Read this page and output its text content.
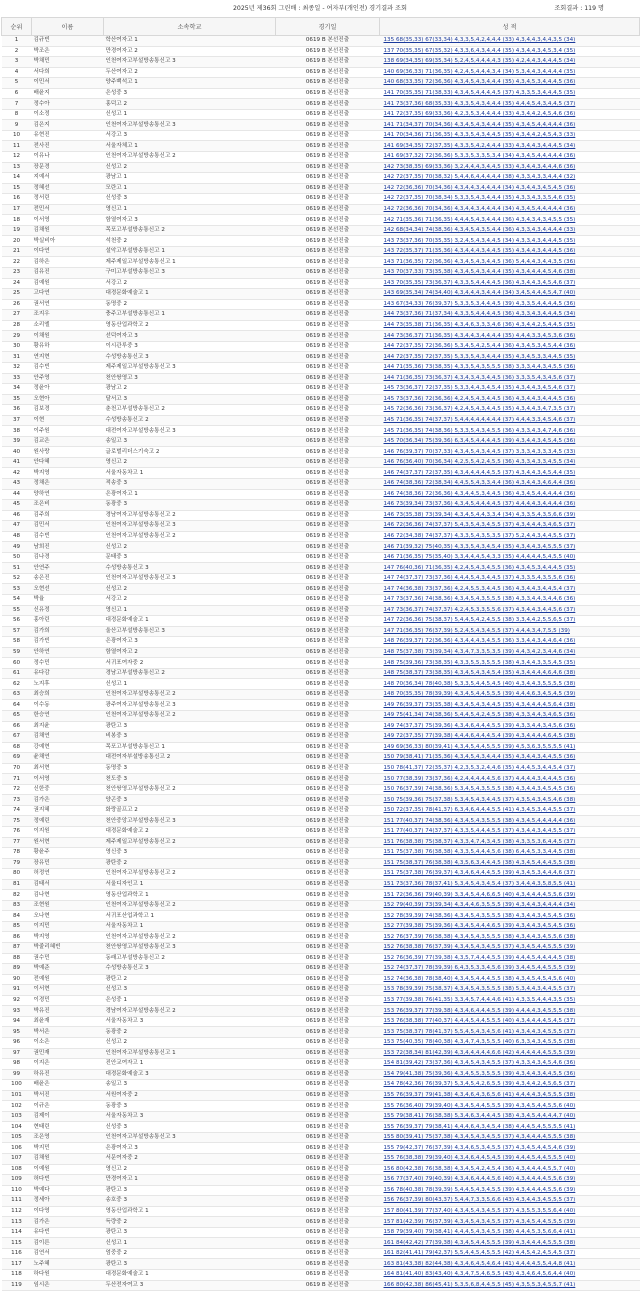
2025년 제36회 그린배 : 최종일 - 여자부(개인전) 경기결과 조회	조회결과 : 119 명
순위	이름	소속학교	경기일	성 적
1	김규빈	학산여자고 1	0619 B 본선진출	135 68(35,33) 67(33,34) 4,3,3,5,4,2,4,4,4 (33) 4,3,4,4,3,4,4,3,5 (34)
2	박조은	만경여자고 2	0619 B 본선진출	137 70(35,35) 67(35,32) 4,3,3,6,4,3,4,4,4 (35) 4,3,4,4,3,4,5,3,4 (35)
3	박채민	인천여자고부설방송통신고 3	0619 B 본선진출	138 69(34,35) 69(35,34) 5,2,4,5,4,4,4,4,3 (35) 4,2,4,4,3,4,4,4,5 (34)
4	서다희	두산여자고 2	0619 B 본선진출	140 69(36,33) 71(36,35) 4,2,4,5,4,4,4,3,4 (34) 5,3,4,4,3,4,4,4,4 (35)
5	이민서	양주백석고 1	0619 B 본선진출	140 68(33,35) 72(36,36) 4,3,4,5,4,3,4,4,4 (35) 4,3,4,5,3,4,4,4,5 (36)
6	배윤지	은성중 3	0619 B 본선진출	141 70(35,35) 71(38,33) 4,3,4,5,4,4,4,4,5 (37) 4,3,3,5,3,4,4,4,5 (35)
7	정수아	홍덕고 2	0619 B 본선진출	141 73(37,36) 68(35,33) 4,3,3,5,4,3,4,4,4 (35) 4,4,4,5,4,3,4,4,5 (37)
8	이소정	신성고 1	0619 B 본선진출	141 72(37,35) 69(33,36) 4,2,3,5,3,4,4,4,4 (33) 4,3,4,4,2,4,5,4,6 (36)
9	김은지	인천여자고부설방송통신고 3	0619 B 본선진출	141 71(34,37) 70(34,36) 4,3,4,5,4,3,4,4,4 (35) 4,3,4,5,4,4,4,4,4 (36)
10	유현진	서강고 3	0619 B 본선진출	141 70(34,36) 71(36,35) 4,3,3,5,4,3,4,4,5 (35) 4,3,4,4,2,4,5,4,3 (33)
11	전사진	서울자체고 1	0619 B 본선진출	141 69(34,35) 72(37,35) 4,3,3,5,4,2,4,4,4 (33) 4,3,4,4,3,4,4,4,5 (34)
12	이유나	인천여자고부설방송통신고 2	0619 B 본선진출	141 69(37,32) 72(36,36) 5,3,3,5,3,3,5,3,4 (34) 4,3,4,5,4,4,4,4,4 (36)
13	장문경	신성고 2	0619 B 본선진출	142 73(38,35) 69(33,36) 3,2,4,4,4,3,4,4,5 (33) 4,3,4,4,3,4,4,4,6 (36)
14	지예서	광남고 1	0619 B 본선진출	142 72(37,35) 70(38,32) 5,4,4,6,4,4,4,4,4 (38) 4,3,3,4,3,3,4,4,4 (32)
15	정혜선	모란고 1	0619 B 본선진출	142 72(36,36) 70(34,36) 4,3,4,4,3,4,4,4,4 (34) 4,3,4,4,3,4,5,4,5 (36)
16	정서린	신성중 3	0619 B 본선진출	142 72(37,35) 70(38,34) 5,3,3,5,4,3,4,4,4 (35) 4,3,3,4,3,3,5,4,6 (35)
17	전민서	영신고 1	0619 B 본선진출	142 72(36,36) 70(34,36) 4,3,4,4,3,4,4,4,4 (34) 4,3,4,5,4,4,4,4,4 (36)
18	이서영	함열여자고 3	0619 B 본선진출	142 71(35,36) 71(36,35) 4,4,4,5,4,3,4,4,4 (36) 4,3,4,3,4,3,4,5,5 (35)
19	김채원	목포고부설방송통신고 2	0619 B 본선진출	142 68(34,34) 74(38,36) 4,3,4,5,4,3,5,4,4 (36) 4,3,3,4,3,4,4,4,4 (33)
20	박실비아	석천중 2	0619 B 본선진출	143 73(37,36) 70(35,35) 3,2,4,5,4,3,4,4,5 (34) 4,3,3,4,3,4,4,4,5 (35)
21	이다연	설악고부설방송통신고 1	0619 B 본선진출	143 72(35,37) 71(35,36) 4,3,4,4,4,3,4,4,5 (35) 4,3,4,4,3,4,4,4,5 (36)
22	김하은	제주제일고부설방송통신고 1	0619 B 본선진출	143 71(36,35) 72(36,36) 4,3,4,5,4,3,4,4,5 (36) 5,4,4,4,3,4,4,3,5 (36)
23	김유진	구미고부설방송통신고 3	0619 B 본선진출	143 70(37,33) 73(35,38) 4,3,4,5,4,3,4,4,4 (35) 4,3,4,4,4,4,5,4,6 (38)
24	김예원	서강고 2	0619 B 본선진출	143 70(35,35) 73(36,37) 4,3,3,5,4,4,4,4,5 (36) 4,3,4,4,3,4,5,4,6 (37)
25	고다연	대경문화예술고 1	0619 B 본선진출	143 69(35,34) 74(34,40) 4,3,4,4,4,3,4,4,4 (34) 3,4,5,4,4,4,5,4,7 (40)
26	권서연	동명중 2	0619 B 본선진출	143 67(34,33) 76(39,37) 5,3,3,5,3,4,4,4,5 (39) 4,3,3,5,4,4,4,4,5 (36)
27	조지우	충주고부설방송통신고 1	0619 B 본선진출	144 73(37,36) 71(37,34) 4,3,3,5,4,4,4,4,5 (36) 4,3,3,4,3,4,4,4,5 (34)
28	소리엘	영동산업과학고 2	0619 B 본선진출	144 73(35,38) 71(36,35) 4,3,4,6,3,3,3,4,6 (36) 4,3,4,4,2,5,4,4,5 (35)
29	이채원	선덕여자고 3	0619 B 본선진출	144 73(36,37) 71(36,35) 4,3,4,4,3,4,4,4,4 (35) 4,4,4,3,3,4,5,3,6 (36)
30	황유하	이시관루중 3	0619 B 본선진출	144 72(37,35) 72(36,36) 5,3,4,5,4,2,5,4,4 (36) 4,3,4,5,3,4,5,4,4 (36)
31	연지현	수성방송통신고 3	0619 B 본선진출	144 72(37,35) 72(37,35) 5,3,3,5,4,3,4,4,4 (35) 4,3,4,5,3,3,4,4,5 (35)
32	김수빈	제주제일고부설방송통신고 3	0619 B 본선진출	144 71(35,36) 73(38,35) 4,3,3,5,4,3,5,5,5 (38) 3,3,3,4,4,3,4,5,5 (36)
33	안주영	천안쌍영고 3	0619 B 본선진출	144 71(36,35) 73(36,37) 4,3,4,3,4,3,4,4,5 (36) 3,3,3,5,4,3,4,5,6 (37)
34	정윤아	광남고 2	0619 B 본선진출	145 73(36,37) 72(37,35) 5,3,3,4,4,3,4,5,4 (35) 4,3,4,4,3,4,5,4,6 (37)
35	오현아	달서고 3	0619 B 본선진출	145 73(37,36) 72(36,36) 4,2,4,5,4,3,4,4,5 (36) 4,3,4,4,3,4,4,4,5 (36)
36	김보경	춘천고부설방송통신고 2	0619 B 본선진출	145 72(36,36) 73(36,37) 4,2,4,5,4,3,4,4,5 (35) 4,3,4,4,3,4,7,3,5 (37)
37	이현	수성방송통신고 2	0619 B 본선진출	145 71(36,35) 74(37,37) 5,4,4,4,4,4,4,4,4 (37) 4,4,4,3,3,4,5,4,6 (37)
38	이주원	대전여자고부설방송통신고 3	0619 B 본선진출	145 71(36,35) 74(38,36) 5,3,3,5,4,3,4,5,5 (36) 4,3,3,4,3,4,7,4,6 (36)
39	김교은	송일고 3	0619 B 본선진출	145 70(36,34) 75(39,36) 6,3,4,5,4,4,4,4,5 (39) 4,3,4,4,3,4,5,4,5 (36)
40	원사랑	글로벌리더스기숙고 2	0619 B 본선진출	146 76(39,37) 70(37,33) 4,3,4,5,4,3,4,4,5 (37) 3,3,3,4,3,3,3,4,5 (33)
41	안다혜	영신고 2	0619 B 본선진출	146 76(36,40) 70(36,34) 4,2,5,5,4,2,4,5,5 (36) 4,3,3,4,3,3,4,5,5 (34)
42	박지영	서울자동차고 1	0619 B 본선진출	146 74(37,37) 72(37,35) 4,3,4,4,4,4,4,5,5 (37) 4,3,4,4,3,4,5,4,4 (35)
43	정채은	적송중 3	0619 B 본선진출	146 74(38,36) 72(38,34) 4,4,5,5,4,3,3,4,4 (36) 4,3,4,4,3,4,6,4,4 (36)
44	양하연	은광여자고 1	0619 B 본선진출	146 74(38,36) 72(36,36) 4,3,4,4,5,3,4,4,5 (36) 4,3,4,5,4,4,4,4,4 (36)
45	조은비	동광중 3	0619 B 본선진출	146 73(39,34) 73(37,36) 4,3,4,5,4,4,4,4,5 (37) 4,4,4,4,3,4,4,4,4 (36)
46	김주희	경남여자고부설방송통신고 2	0619 B 본선진출	146 73(35,38) 73(39,34) 4,3,4,5,4,4,3,3,4 (34) 4,3,3,5,4,3,5,6,6 (39)
47	김민서	인천여자고부설방송통신고 3	0619 B 본선진출	146 72(36,36) 74(37,37) 5,4,3,5,4,3,4,5,5 (37) 4,3,4,4,4,3,4,6,5 (37)
48	김수빈	인천여자고부설방송통신고 2	0619 B 본선진출	146 72(34,38) 74(37,37) 4,3,3,5,4,3,5,3,5 (37) 5,2,4,4,3,4,4,5,5 (37)
49	남희진	신성고 2	0619 B 본선진출	146 71(39,32) 75(40,35) 4,3,3,5,4,3,4,5,4 (35) 4,3,4,4,3,4,5,5,5 (37)
50	김나경	문태중 3	0619 B 본선진출	146 71(36,35) 75(35,40) 3,3,4,4,4,5,4,3,3 (35) 4,4,4,4,4,5,4,5,5 (40)
51	안연주	수성방송통신고 3	0619 B 본선진출	147 76(40,36) 71(36,35) 4,2,4,5,4,3,4,5,5 (36) 4,3,4,5,3,4,4,4,5 (35)
52	송은진	인천여자고부설방송통신고 3	0619 B 본선진출	147 74(37,37) 73(37,36) 4,4,4,5,4,3,4,4,5 (37) 4,3,3,5,4,3,5,5,6 (36)
53	오현선	신성고 2	0619 B 본선진출	147 74(36,38) 73(37,36) 4,2,4,5,5,3,4,4,5 (36) 4,3,4,4,3,4,4,5,4 (37)
54	박율	서강고 2	0619 B 본선진출	147 73(37,36) 74(38,36) 4,3,4,5,4,3,5,5,5 (38) 4,3,3,4,4,3,4,4,6 (36)
55	신유정	영신고 1	0619 B 본선진출	147 73(36,37) 74(37,37) 4,2,4,5,3,3,5,5,6 (37) 4,3,4,4,3,4,4,5,6 (37)
56	홍아린	대경문화예술고 1	0619 B 본선진출	147 72(36,36) 75(38,37) 5,4,4,5,4,2,4,5,5 (38) 3,3,4,4,2,5,5,6,5 (37)
57	김가희	울산고부설방송통신고 3	0619 B 본선진출	147 71(36,35) 76(37,39) 5,2,4,5,4,3,4,5,5 (37) 4,4,4,3,4,7,5,5 (39)
58	김가빈	은광여자고 3	0619 B 본선진출	148 76(39,37) 72(36,36) 4,3,4,4,4,3,4,5,5 (36) 3,3,4,4,3,4,4,6,4 (36)
59	안하연	함열여자고 2	0619 B 본선진출	148 75(37,38) 73(39,34) 4,3,4,7,3,3,5,3,5 (39) 4,4,3,4,2,3,4,4,6 (34)
60	정수민	서귀포여자중 2	0619 B 본선진출	148 75(39,36) 73(38,35) 4,3,3,5,5,3,5,5,5 (38) 4,3,4,4,3,3,5,4,5 (35)
61	유다감	경남고부설방송통신고 2	0619 B 본선진출	148 75(38,37) 73(38,35) 4,3,4,5,4,3,4,5,4 (35) 4,3,4,4,4,4,6,4,6 (38)
62	노지후	신성고 1	0619 B 본선진출	148 70(36,34) 78(40,38) 5,3,3,5,4,4,5,4,5 (40) 4,3,4,4,3,5,5,5,5 (38)
63	최승희	인천여자고부설방송통신고 2	0619 B 본선진출	148 70(35,35) 78(39,39) 4,3,4,5,4,4,5,5,5 (39) 4,4,4,6,3,4,5,4,5 (39)
64	이수동	광주여자고부설방송통신고 3	0619 B 본선진출	149 76(39,37) 73(35,38) 4,3,4,5,4,3,4,4,5 (35) 4,3,4,4,4,4,5,6,4 (38)
65	한승연	인천여자고부설방송통신고 2	0619 B 본선진출	149 75(41,34) 74(38,36) 5,4,4,5,4,2,4,5,5 (38) 4,3,3,4,4,3,4,6,5 (36)
66	최지윤	광탄고 3	0619 B 본선진출	149 74(37,37) 75(39,36) 4,3,4,6,4,4,4,5,5 (39) 4,3,3,4,4,3,4,5,6 (36)
67	김채연	비봉중 3	0619 B 본선진출	149 72(37,35) 77(39,38) 4,4,4,6,4,4,4,5,4 (39) 4,3,4,4,4,4,6,4,5 (38)
68	강예현	목포고부설방송통신고 1	0619 B 본선진출	149 69(36,33) 80(39,41) 4,3,4,5,4,4,5,5,5 (39) 4,5,3,6,3,5,5,5,5 (41)
69	윤채연	대전여자부설방송통신고 2	0619 B 본선진출	150 79(38,41) 71(35,36) 4,3,4,5,4,3,4,4,4 (35) 4,3,4,4,3,4,4,5,5 (36)
70	최서현	동명중 3	0619 B 본선진출	150 78(41,37) 72(35,37) 4,2,3,5,3,2,4,4,6 (35) 4,4,4,5,3,4,4,5,4 (37)
71	이서영	천도중 3	0619 B 본선진출	150 77(38,39) 73(37,36) 4,2,4,4,4,4,4,5,6 (37) 4,4,4,4,3,4,4,4,5 (36)
72	신한중	천안쌍영고부설방송통신고 2	0619 B 본선진출	150 76(37,39) 74(38,36) 5,3,4,5,4,3,5,5,5 (38) 4,3,4,4,3,4,5,4,5 (36)
73	김가은	양곤중 3	0619 B 본선진출	150 75(39,36) 75(37,38) 5,3,4,5,4,3,4,4,5 (37) 4,3,5,4,3,4,5,4,6 (38)
74	권지혜	화랑골프고 2	0619 B 본선진출	150 72(37,35) 78(41,37) 6,3,4,6,4,4,4,5,5 (41) 4,3,4,5,3,4,4,5,5 (37)
75	정예린	천안중앙고부설방송통신고 3	0619 B 본선진출	151 77(40,37) 74(38,36) 4,3,4,5,4,3,5,5,5 (38) 4,3,4,5,4,4,4,4,4 (36)
76	이지원	대경문화예술고 2	0619 B 본선진출	151 77(40,37) 74(37,37) 4,3,3,5,4,4,4,5,5 (37) 4,3,4,4,3,4,4,5,5 (37)
77	원서현	제주제일고부설방송통신고 2	0619 B 본선진출	151 76(38,38) 75(38,37) 4,3,3,4,7,4,3,4,5 (38) 4,3,3,5,3,6,4,4,5 (37)
78	황윤주	영신중 3	0619 B 본선진출	151 75(37,38) 76(38,38) 4,3,3,5,4,4,4,5,6 (38) 6,4,4,5,3,3,4,4,5 (38)
79	장유민	광탄중 2	0619 B 본선진출	151 75(38,37) 76(38,38) 4,3,5,6,3,4,4,4,5 (38) 4,3,4,5,4,4,4,5,5 (38)
80	허정연	인천여자고부설방송통신고 2	0619 B 본선진출	151 75(37,38) 76(39,37) 4,3,4,6,4,4,4,5,5 (39) 4,3,4,5,3,4,4,4,6 (37)
81	김태서	서울디자인고 1	0619 B 본선진출	151 73(37,36) 78(37,41) 5,3,4,5,4,3,4,5,4 (37) 3,4,4,4,3,5,8,5,5 (41)
82	김나현	영동산업과학고 1	0619 B 본선진출	151 72(36,36) 79(40,39) 3,3,4,5,4,4,6,6,5 (40) 4,3,4,4,4,4,5,5,6 (39)
83	조현원	인천여자고부설방송통신고 2	0619 B 본선진출	152 79(40,39) 73(39,34) 4,3,4,4,6,3,5,5,5 (39) 4,3,4,4,3,4,4,4,4 (34)
84	오나현	서귀포산업과학고 1	0619 B 본선진출	152 78(39,39) 74(38,36) 4,3,4,5,4,3,5,5,5 (38) 4,3,4,4,3,4,5,4,5 (36)
85	이지민	서울자동차고 1	0619 B 본선진출	152 77(39,38) 75(39,36) 4,3,4,5,4,4,4,6,5 (39) 4,3,4,4,3,4,5,4,5 (36)
86	박지영	인천여자고부설방송통신고 2	0619 B 본선진출	152 76(37,39) 76(38,38) 4,3,4,5,4,3,5,5,5 (38) 4,3,4,4,3,4,5,5,6 (38)
87	박줄리혜빈	천안쌍영고부설방송통신고 3	0619 B 본선진출	152 76(38,38) 76(37,39) 4,3,4,5,4,3,4,5,5 (37) 4,3,4,5,4,4,5,5,5 (39)
88	권수민	동래고부설방송통신고 2	0619 B 본선진출	152 76(36,39) 77(39,38) 4,3,5,7,4,4,4,5,5 (39) 4,4,4,5,4,4,4,4,5 (38)
89	박예준	수성방송통신고 3	0619 B 본선진출	152 74(37,37) 78(39,39) 6,4,3,5,3,3,4,5,6 (39) 3,4,4,5,4,4,5,5,5 (39)
90	전예원	광탄고 2	0619 B 본선진출	152 74(36,38) 78(38,40) 4,3,4,5,4,4,4,5,5 (38) 4,3,4,5,4,5,4,5,6 (40)
91	이서현	신성고 3	0619 B 본선진출	153 78(39,39) 75(38,37) 4,3,4,5,4,3,5,5,5 (38) 5,3,4,4,3,4,4,5,5 (37)
92	이경민	은성중 1	0619 B 본선진출	153 77(39,38) 76(41,35) 3,3,4,5,7,4,4,4,6 (41) 4,3,3,5,4,4,4,3,5 (35)
93	박유진	경남여자고부설방송통신고 2	0619 B 본선진출	153 76(39,37) 77(39,38) 4,3,4,6,4,4,4,5,5 (39) 4,4,4,4,3,4,5,5,5 (38)
94	최윤재	서울자동차고 3	0619 B 본선진출	153 76(38,38) 77(40,37) 4,4,4,5,4,4,5,5,5 (40) 4,3,4,4,4,4,5,4,5 (37)
95	박서은	동광중 2	0619 B 본선진출	153 75(38,37) 78(41,37) 5,5,4,5,4,3,4,5,6 (41) 4,3,4,4,3,4,5,5,5 (37)
96	이소은	신성고 2	0619 B 본선진출	153 75(40,35) 78(40,38) 4,3,4,7,4,3,5,5,5 (40) 6,3,3,4,3,4,5,5,5 (38)
97	권민재	인천여자고부설방송통신고 1	0619 B 본선진출	153 72(38,34) 81(42,39) 4,3,4,4,4,4,4,6,6 (42) 4,4,4,4,4,4,5,5,5 (39)
98	이지은	진안교여자고 1	0619 B 본선진출	154 81(39,42) 73(37,36) 4,3,4,5,4,3,4,5,5 (37) 4,3,3,4,3,4,5,4,6 (36)
99	하유진	대경문화예술고 3	0619 B 본선진출	154 79(41,38) 75(39,36) 4,3,4,5,5,3,5,5,5 (39) 4,3,4,4,3,4,4,5,5 (36)
100	배윤은	송일고 3	0619 B 본선진출	154 78(42,36) 76(39,37) 5,3,4,5,4,2,6,5,5 (39) 4,3,4,4,2,4,5,6,5 (37)
101	박서진	서원여자중 2	0619 B 본선진출	155 76(39,37) 79(41,38) 4,3,4,6,4,3,6,5,6 (41) 4,4,4,4,3,4,5,5,5 (38)
102	이규은	동광중 3	0619 B 본선진출	155 76(36,40) 79(39,40) 4,3,4,5,4,4,5,5,5 (39) 4,3,4,5,4,4,5,5,6 (40)
103	김제이	서울자동차고 3	0619 B 본선진출	155 79(38,41) 76(38,38) 5,3,4,6,3,4,4,4,5 (38) 4,3,4,5,4,4,4,4,7 (40)
104	현태린	신성중 3	0619 B 본선진출	155 76(39,37) 79(38,41) 4,4,4,6,4,3,4,5,4 (38) 4,4,4,5,4,5,5,5,5 (41)
105	조은영	인천여자고부설방송통신고 3	0619 B 본선진출	155 80(39,41) 75(37,38) 4,3,4,5,4,3,4,5,5 (37) 4,3,4,4,4,4,5,5,5 (38)
106	박지민	은광여자고 3	0619 B 본선진출	155 79(42,37) 76(37,39) 4,3,4,6,5,3,4,5,5 (37) 4,3,4,5,4,4,5,4,6 (39)
107	김채원	서문여자중 2	0619 B 본선진출	155 76(38,38) 79(39,40) 4,3,4,6,4,4,5,4,5 (39) 4,4,4,5,4,4,5,5,5 (40)
108	이예원	영신고 2	0619 B 본선진출	156 80(42,38) 76(38,38) 4,3,4,5,4,2,4,5,4 (36) 4,3,4,4,4,4,5,5,7 (40)
109	허다빈	만경여자고 1	0619 B 본선진출	156 77(37,40) 79(40,39) 4,3,4,6,4,4,4,5,6 (40) 4,3,4,4,4,4,5,5,6 (39)
110	박예다	광탄고 3	0619 B 본선진출	156 78(40,38) 78(39,39) 5,4,4,5,4,3,4,5,5 (39) 4,3,4,4,4,4,5,5,6 (39)
111	정세아	송호중 3	0619 B 본선진출	156 76(37,39) 80(43,37) 5,4,4,7,3,3,5,6,6 (43) 4,3,4,4,3,4,5,5,5 (37)
112	이다영	영동산업과학고 1	0619 B 본선진출	157 80(41,39) 77(37,40) 4,3,4,5,4,3,4,5,5 (37) 4,3,5,5,3,5,5,6,4 (40)
113	김가은	득량중 2	0619 B 본선진출	157 81(42,39) 76(37,39) 4,3,4,5,4,3,4,5,5 (37) 4,3,4,5,4,4,5,5,5 (39)
114	유다빈	광탄고 3	0619 B 본선진출	158 79(39,40) 79(38,41) 4,4,4,5,4,3,4,5,5 (38) 4,4,4,5,3,5,6,6,4 (41)
115	김이른	신성고 1	0619 B 본선진출	161 84(42,42) 77(39,38) 4,3,4,5,4,4,5,5,5 (39) 4,3,4,4,4,4,5,5,5 (38)
116	김연서	엄중중 2	0619 B 본선진출	161 82(41,41) 79(42,37) 5,5,4,4,5,4,5,5,5 (42) 4,4,5,4,2,4,5,4,5 (37)
117	노주혜	광탄고 3	0619 B 본선진출	163 81(43,38) 82(44,38) 4,3,4,6,4,5,4,6,4 (41) 4,4,4,4,5,5,4,4,8 (41)
118	하다원	대경문화예술고 1	0619 B 본선진출	164 81(41,40) 83(43,40) 4,3,4,7,5,4,6,5,5 (43) 4,3,4,6,4,5,6,4,4 (40)
119	임시은	두산전자여고 3	0619 B 본선진출	166 80(42,38) 86(45,41) 5,3,5,6,8,4,4,5,5 (45) 4,3,5,5,3,4,5,5,7 (41)
